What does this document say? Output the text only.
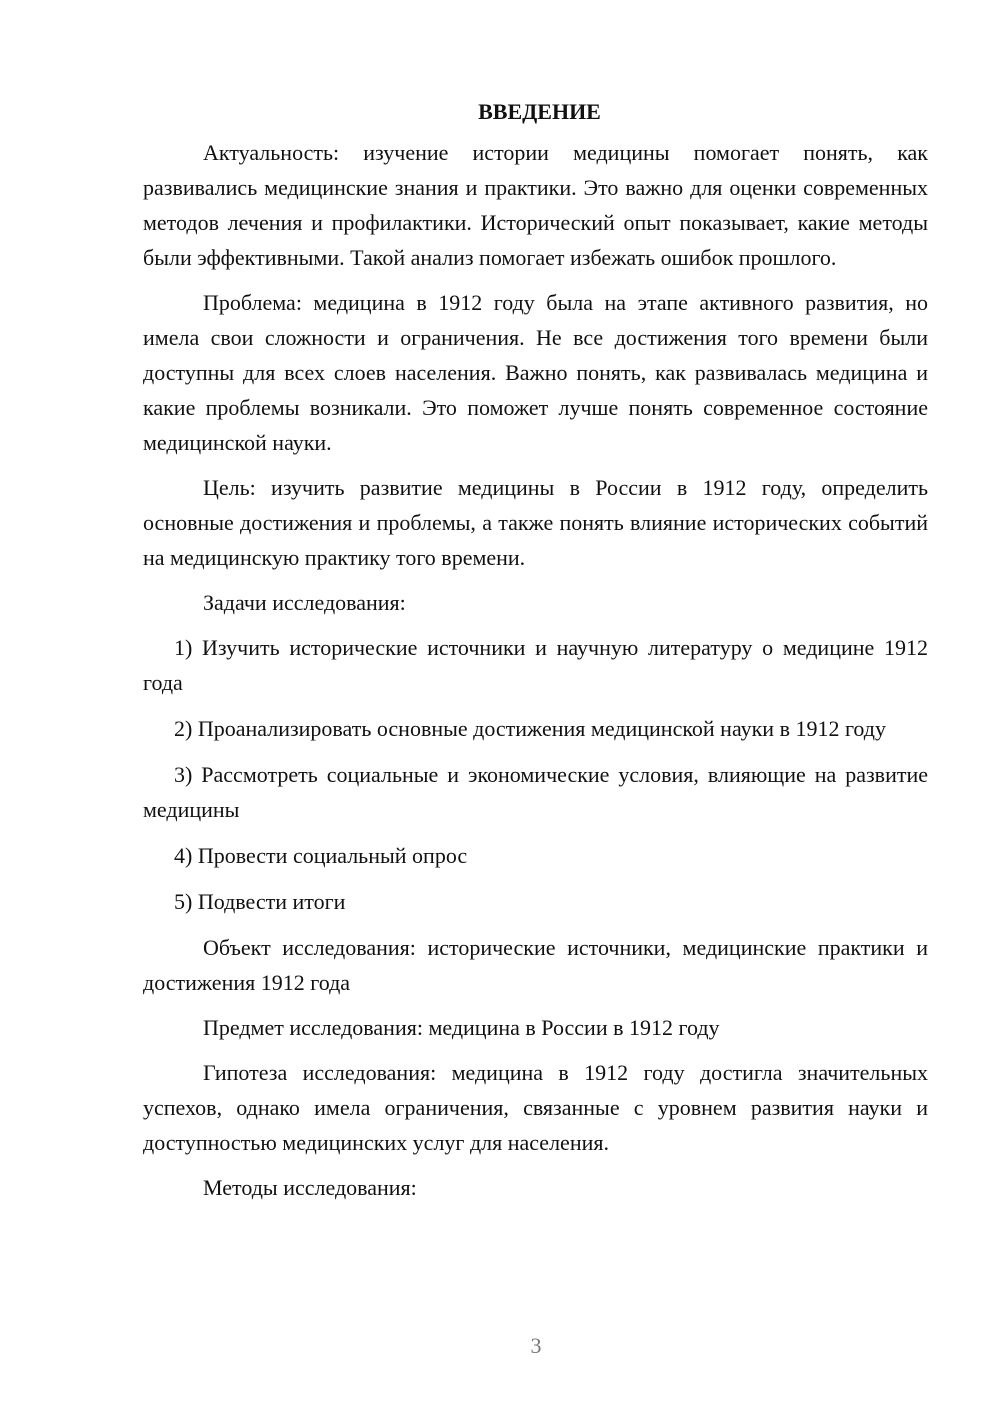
ВВЕДЕНИЕ

Актуальность: изучение истории медицины помогает понять, как развивались медицинские знания и практики. Это важно для оценки современных методов лечения и профилактики. Исторический опыт показывает, какие методы были эффективными. Такой анализ помогает избежать ошибок прошлого.

Проблема: медицина в 1912 году была на этапе активного развития, но имела свои сложности и ограничения. Не все достижения того времени были доступны для всех слоев населения. Важно понять, как развивалась медицина и какие проблемы возникали. Это поможет лучше понять современное состояние медицинской науки.

Цель: изучить развитие медицины в России в 1912 году, определить основные достижения и проблемы, а также понять влияние исторических событий на медицинскую практику того времени.

Задачи исследования:

1) Изучить исторические источники и научную литературу о медицине 1912 года

2) Проанализировать основные достижения медицинской науки в 1912 году

3) Рассмотреть социальные и экономические условия, влияющие на развитие медицины

4) Провести социальный опрос

5) Подвести итоги

Объект исследования: исторические источники, медицинские практики и достижения 1912 года

Предмет исследования: медицина в России в 1912 году

Гипотеза исследования: медицина в 1912 году достигла значительных успехов, однако имела ограничения, связанные с уровнем развития науки и доступностью медицинских услуг для населения.

Методы исследования:

3
